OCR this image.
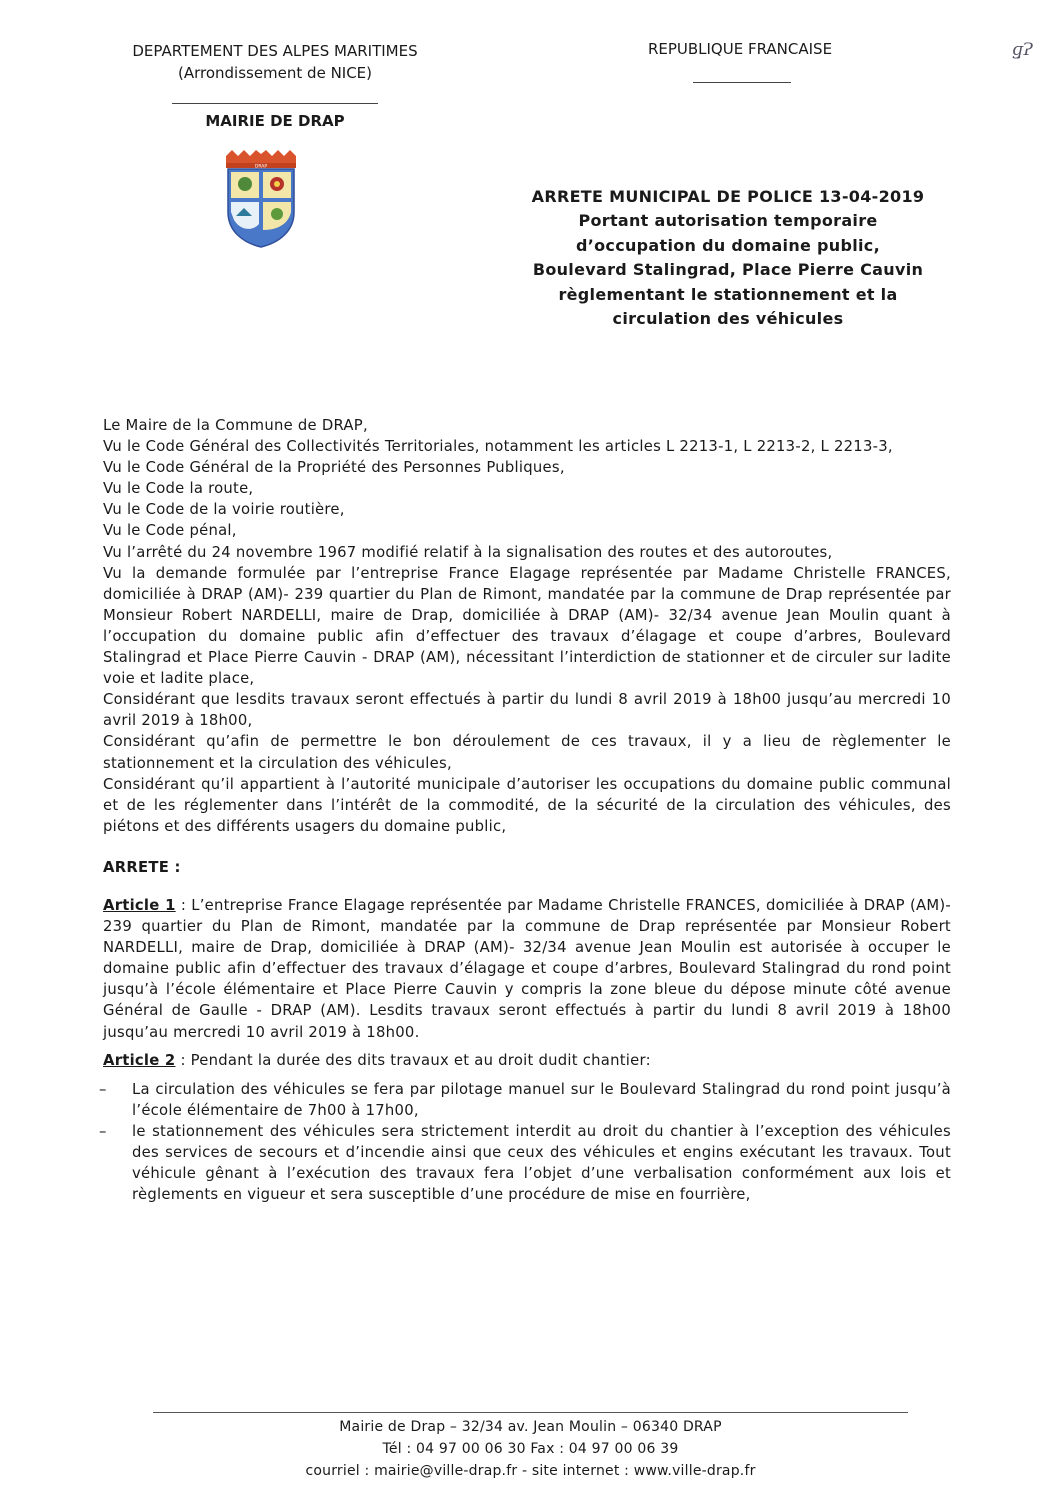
DEPARTEMENT DES ALPES MARITIMES
(Arrondissement de NICE)
MAIRIE DE DRAP
REPUBLIQUE FRANCAISE	ɡ̧Ɂ
DRAP
ARRETE MUNICIPAL DE POLICE 13-04-2019
Portant autorisation temporaire
d’occupation du domaine public,
Boulevard Stalingrad, Place Pierre Cauvin
règlementant le stationnement et la
circulation des véhicules

Le Maire de la Commune de DRAP,

Vu le Code Général des Collectivités Territoriales, notamment les articles L 2213-1, L 2213-2, L 2213-3,

Vu le Code Général de la Propriété des Personnes Publiques,

Vu le Code la route,

Vu le Code de la voirie routière,

Vu le Code pénal,

Vu l’arrêté du 24 novembre 1967 modifié relatif à la signalisation des routes et des autoroutes,

Vu la demande formulée par l’entreprise France Elagage représentée par Madame Christelle FRANCES, domiciliée à DRAP (AM)- 239 quartier du Plan de Rimont, mandatée par la commune de Drap représentée par Monsieur Robert NARDELLI, maire de Drap, domiciliée à DRAP (AM)- 32/34 avenue Jean Moulin quant à l’occupation du domaine public afin d’effectuer des travaux d’élagage et coupe d’arbres, Boulevard Stalingrad et Place Pierre Cauvin - DRAP (AM), nécessitant l’interdiction de stationner et de circuler sur ladite voie et ladite place,

Considérant que lesdits travaux seront effectués à partir du lundi 8 avril 2019 à 18h00 jusqu’au mercredi 10 avril 2019 à 18h00,

Considérant qu’afin de permettre le bon déroulement de ces travaux, il y a lieu de règlementer le stationnement et la circulation des véhicules,

Considérant qu’il appartient à l’autorité municipale d’autoriser les occupations du domaine public communal et de les réglementer dans l’intérêt de la commodité, de la sécurité de la circulation des véhicules, des piétons et des différents usagers du domaine public,

ARRETE :

Article 1 : L’entreprise France Elagage représentée par Madame Christelle FRANCES, domiciliée à DRAP (AM)- 239 quartier du Plan de Rimont, mandatée par la commune de Drap représentée par Monsieur Robert NARDELLI, maire de Drap, domiciliée à DRAP (AM)- 32/34 avenue Jean Moulin est autorisée à occuper le domaine public afin d’effectuer des travaux d’élagage et coupe d’arbres, Boulevard Stalingrad du rond point jusqu’à l’école élémentaire et Place Pierre Cauvin y compris la zone bleue du dépose minute côté avenue Général de Gaulle - DRAP (AM). Lesdits travaux seront effectués à partir du lundi 8 avril 2019 à 18h00 jusqu’au mercredi 10 avril 2019 à 18h00.

Article 2 : Pendant la durée des dits travaux et au droit dudit chantier:

– La circulation des véhicules se fera par pilotage manuel sur le Boulevard Stalingrad du rond point jusqu’à l’école élémentaire de 7h00 à 17h00,
– le stationnement des véhicules sera strictement interdit au droit du chantier à l’exception des véhicules des services de secours et d’incendie ainsi que ceux des véhicules et engins exécutant les travaux. Tout véhicule gênant à l’exécution des travaux fera l’objet d’une verbalisation conformément aux lois et règlements en vigueur et sera susceptible d’une procédure de mise en fourrière,
Mairie de Drap – 32/34 av. Jean Moulin – 06340 DRAP
Tél : 04 97 00 06 30 Fax : 04 97 00 06 39
courriel : mairie@ville-drap.fr - site internet : www.ville-drap.fr
